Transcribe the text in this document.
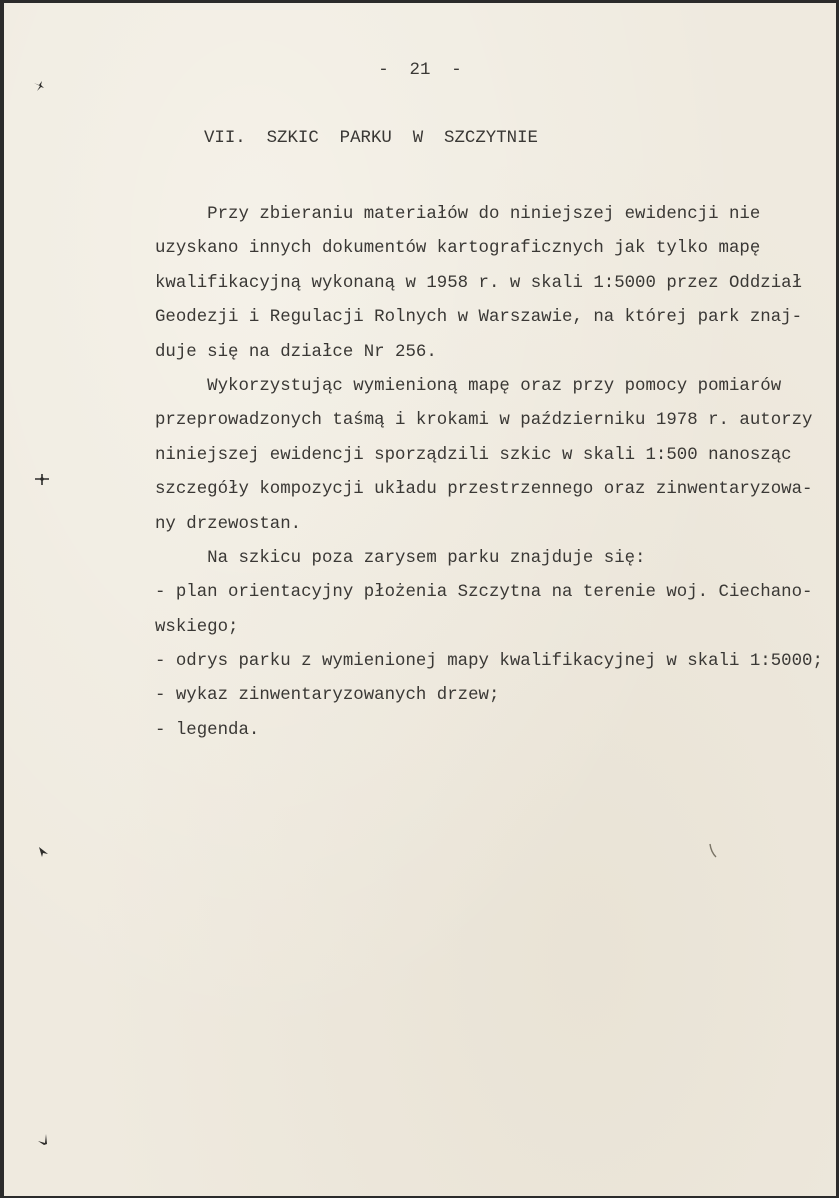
-  21  -
VII.  SZKIC  PARKU  W  SZCZYTNIE
Przy zbieraniu materiałów do niniejszej ewidencji nie
uzyskano innych dokumentów kartograficznych jak tylko mapę
kwalifikacyjną wykonaną w 1958 r. w skali 1:5000 przez Oddział
Geodezji i Regulacji Rolnych w Warszawie, na której park znaj-
duje się na działce Nr 256.
Wykorzystując wymienioną mapę oraz przy pomocy pomiarów
przeprowadzonych taśmą i krokami w październiku 1978 r. autorzy
niniejszej ewidencji sporządzili szkic w skali 1:500 nanosząc
szczegóły kompozycji układu przestrzennego oraz zinwentaryzowa-
ny drzewostan.
Na szkicu poza zarysem parku znajduje się:
- plan orientacyjny płożenia Szczytna na terenie woj. Ciechano-
wskiego;
- odrys parku z wymienionej mapy kwalifikacyjnej w skali 1:5000;
- wykaz zinwentaryzowanych drzew;
- legenda.
